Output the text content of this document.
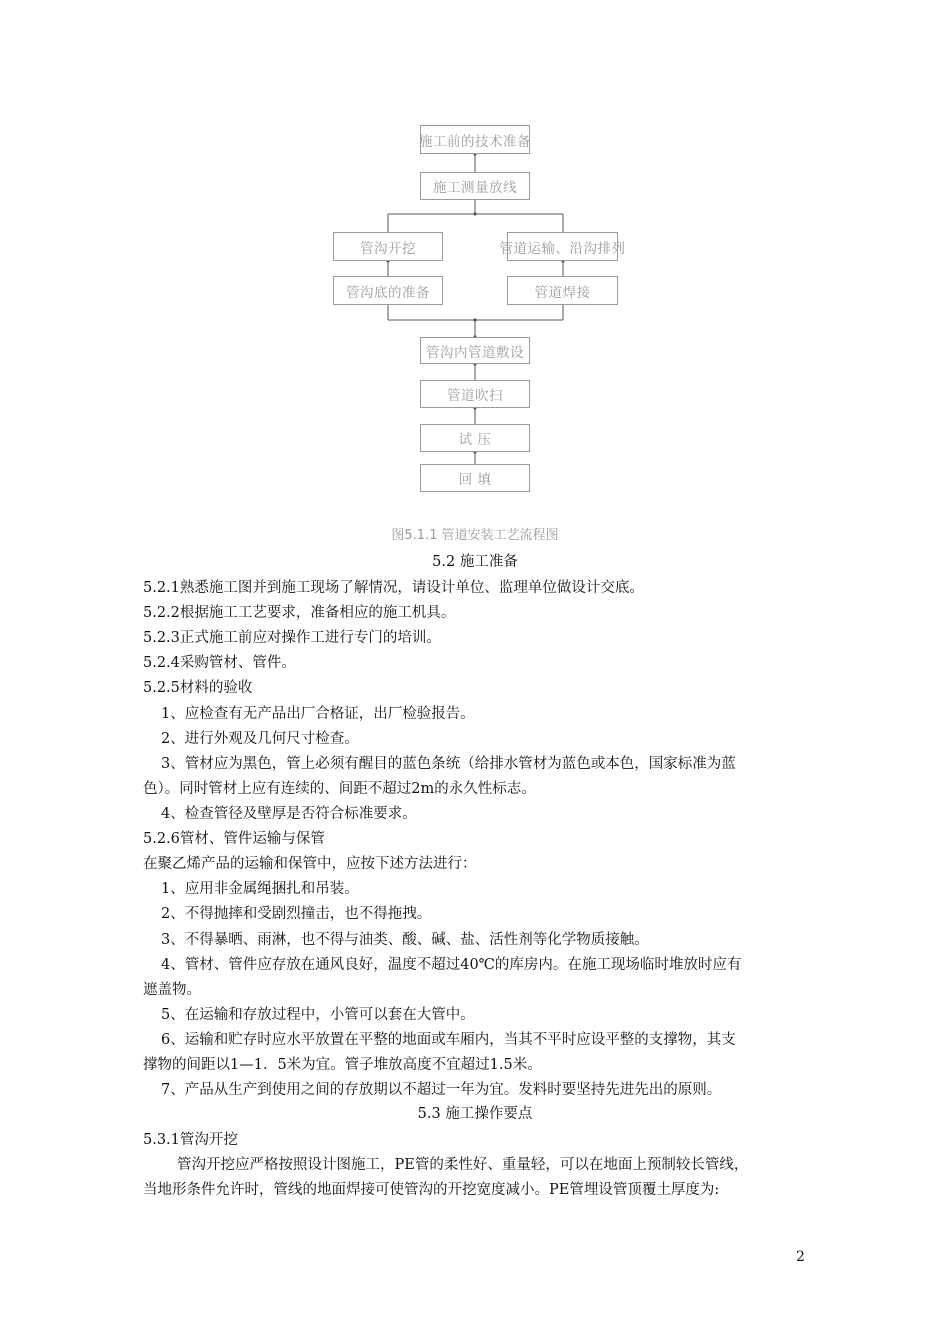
施工前的技术准备
施工测量放线
管沟开挖	管道运输、沿沟排列
管沟底的准备	管道焊接
管沟内管道敷设
管道吹扫
试 压
回 填
图5.1.1 管道安装工艺流程图
5.2 施工准备
5.2.1熟悉施工图并到施工现场了解情况，请设计单位、监理单位做设计交底。
5.2.2根据施工工艺要求，准备相应的施工机具。
5.2.3正式施工前应对操作工进行专门的培训。
5.2.4采购管材、管件。
5.2.5材料的验收
1、应检查有无产品出厂合格证，出厂检验报告。
2、进行外观及几何尺寸检查。
3、管材应为黑色，管上必须有醒目的蓝色条统（给排水管材为蓝色或本色，国家标准为蓝
色）。同时管材上应有连续的、间距不超过2m的永久性标志。
4、检查管径及壁厚是否符合标准要求。
5.2.6管材、管件运输与保管
在聚乙烯产品的运输和保管中，应按下述方法进行：
1、应用非金属绳捆扎和吊装。
2、不得抛摔和受剧烈撞击，也不得拖拽。
3、不得暴晒、雨淋，也不得与油类、酸、碱、盐、活性剂等化学物质接触。
4、管材、管件应存放在通风良好，温度不超过40℃的库房内。在施工现场临时堆放时应有
遮盖物。
5、在运输和存放过程中，小管可以套在大管中。
6、运输和贮存时应水平放置在平整的地面或车厢内，当其不平时应设平整的支撑物，其支
撑物的间距以1—1．5米为宜。管子堆放高度不宜超过1.5米。
7、产品从生产到使用之间的存放期以不超过一年为宜。发料时要坚持先进先出的原则。
5.3 施工操作要点
5.3.1管沟开挖
管沟开挖应严格按照设计图施工，PE管的柔性好、重量轻，可以在地面上预制较长管线，
当地形条件允许时，管线的地面焊接可使管沟的开挖宽度减小。PE管埋设管顶覆土厚度为:
2
